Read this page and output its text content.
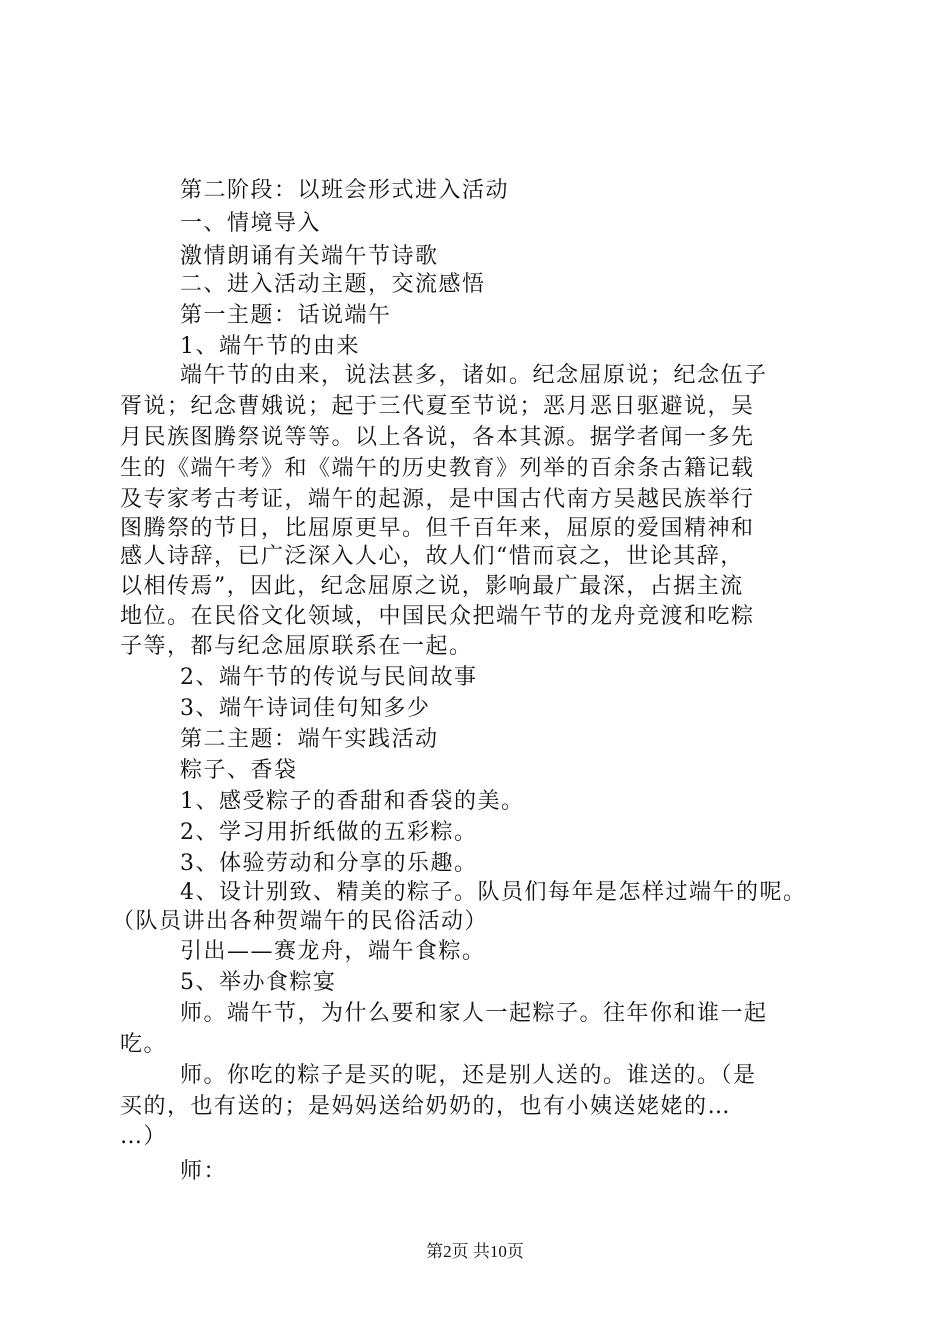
第二阶段：以班会形式进入活动
一、情境导入
激情朗诵有关端午节诗歌
二、进入活动主题，交流感悟
第一主题：话说端午
1、端午节的由来
端午节的由来，说法甚多，诸如。纪念屈原说；纪念伍子
胥说；纪念曹娥说；起于三代夏至节说；恶月恶日驱避说，吴
月民族图腾祭说等等。以上各说，各本其源。据学者闻一多先
生的《端午考》和《端午的历史教育》列举的百余条古籍记载
及专家考古考证，端午的起源，是中国古代南方吴越民族举行
图腾祭的节日，比屈原更早。但千百年来，屈原的爱国精神和
感人诗辞，已广泛深入人心，故人们“惜而哀之，世论其辞，
以相传焉”，因此，纪念屈原之说，影响最广最深，占据主流
地位。在民俗文化领域，中国民众把端午节的龙舟竞渡和吃粽
子等，都与纪念屈原联系在一起。
2、端午节的传说与民间故事
3、端午诗词佳句知多少
第二主题：端午实践活动
粽子、香袋
1、感受粽子的香甜和香袋的美。
2、学习用折纸做的五彩粽。
3、体验劳动和分享的乐趣。
4、设计别致、精美的粽子。队员们每年是怎样过端午的呢。
（队员讲出各种贺端午的民俗活动）
引出——赛龙舟，端午食粽。
5、举办食粽宴
师。端午节，为什么要和家人一起粽子。往年你和谁一起
吃。
师。你吃的粽子是买的呢，还是别人送的。谁送的。（是
买的，也有送的；是妈妈送给奶奶的，也有小姨送姥姥的…
…）
师：
第2页 共10页
